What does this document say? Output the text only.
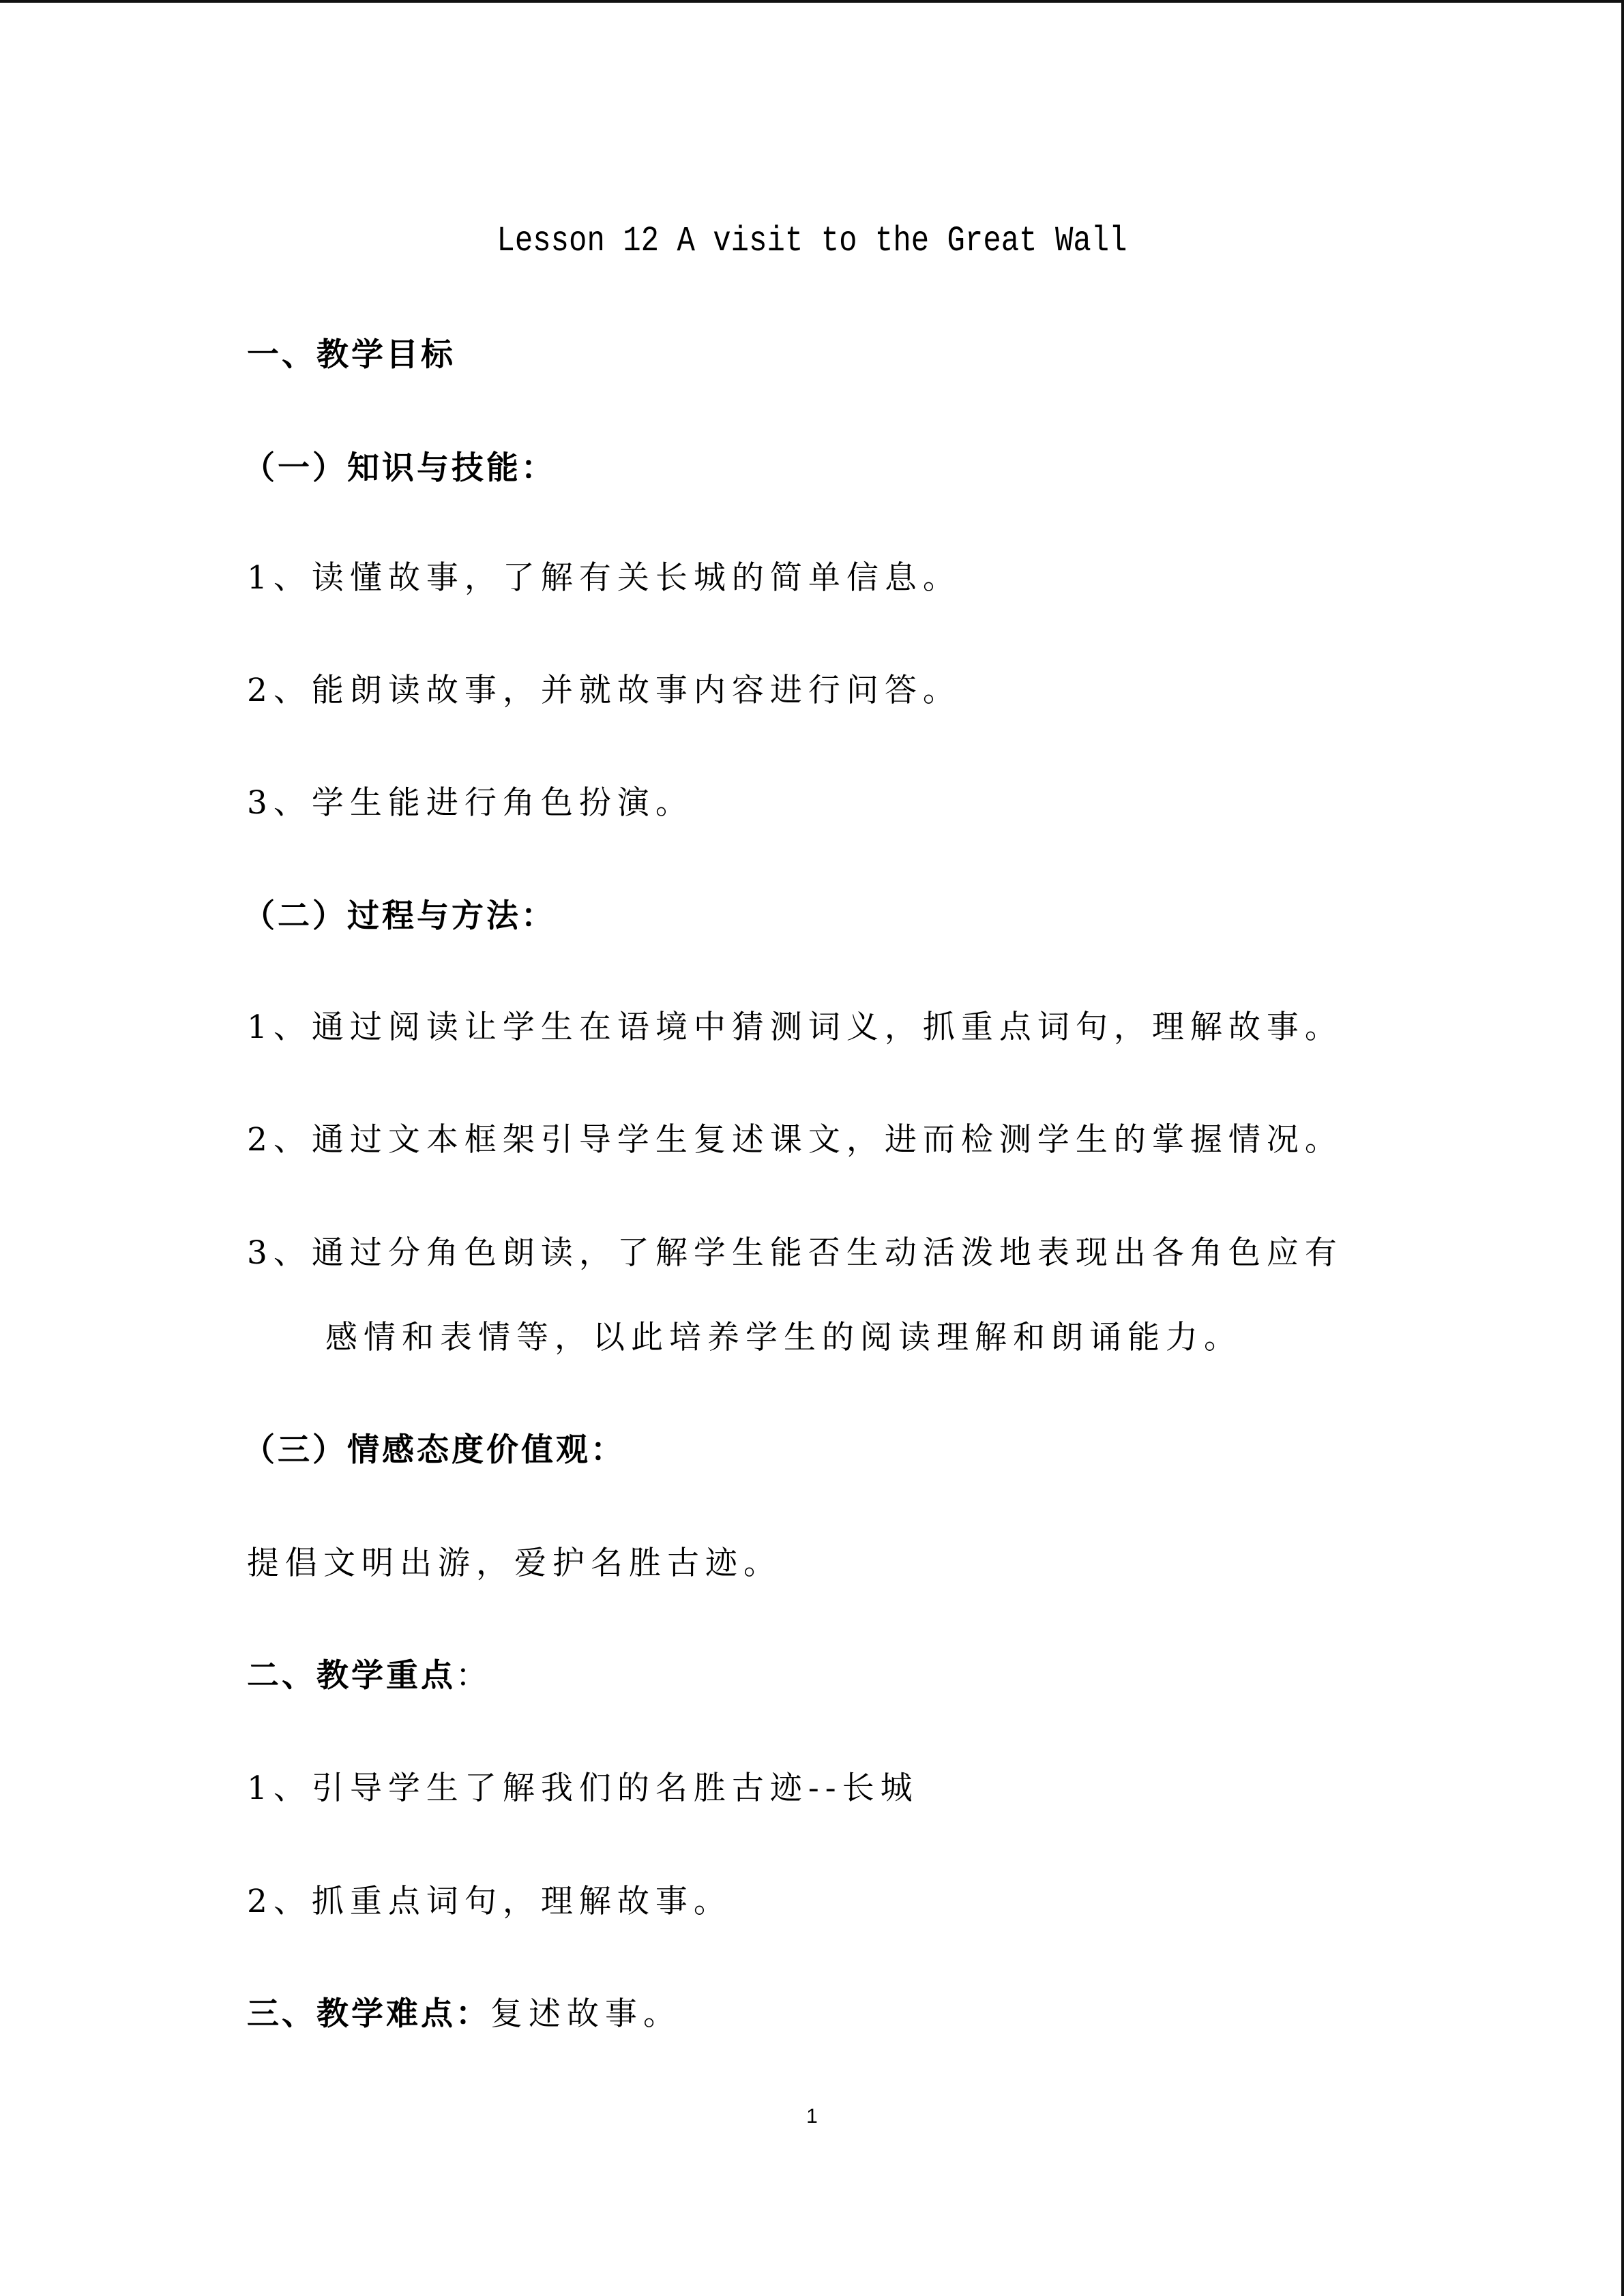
Lesson 12 A visit to the Great Wall
一、教学目标
（一）知识与技能：
1、读懂故事，了解有关长城的简单信息。
2、能朗读故事，并就故事内容进行问答。
3、学生能进行角色扮演。
（二）过程与方法：
1、通过阅读让学生在语境中猜测词义，抓重点词句，理解故事。
2、通过文本框架引导学生复述课文，进而检测学生的掌握情况。
3、通过分角色朗读，了解学生能否生动活泼地表现出各角色应有
感情和表情等，以此培养学生的阅读理解和朗诵能力。
（三）情感态度价值观：
提倡文明出游，爱护名胜古迹。
二、教学重点：
1、引导学生了解我们的名胜古迹--长城
2、抓重点词句，理解故事。
三、教学难点：复述故事。
1
